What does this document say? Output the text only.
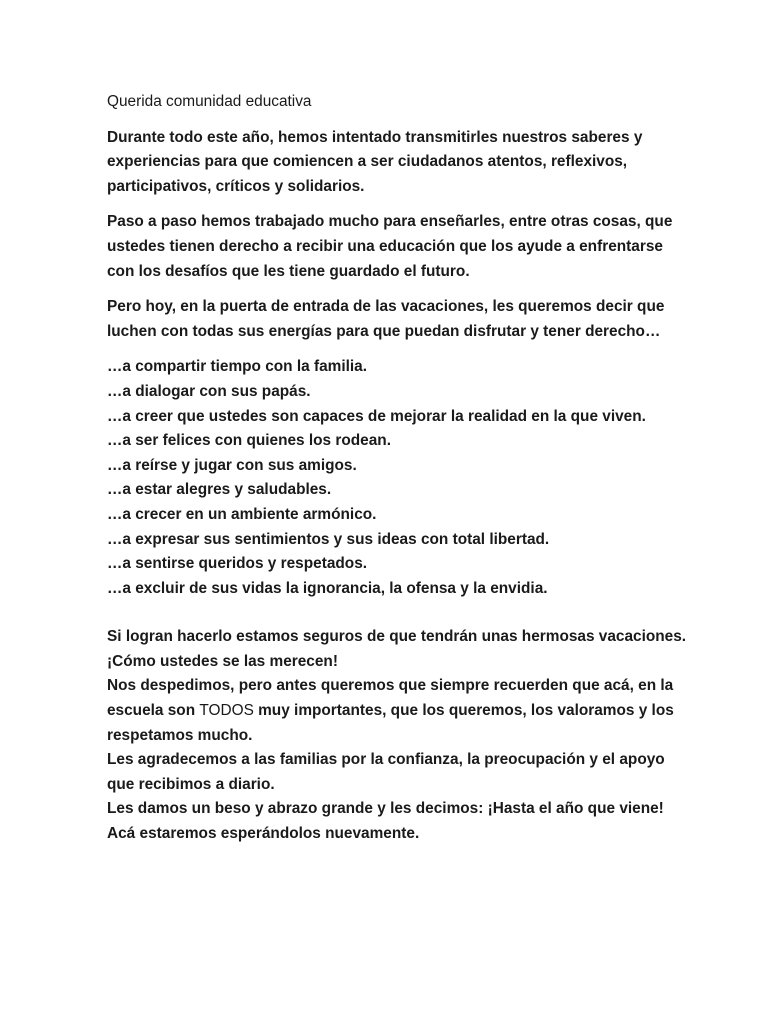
Querida comunidad educativa

Durante todo este año, hemos intentado transmitirles nuestros saberes y
experiencias para que comiencen a ser ciudadanos atentos, reflexivos,
participativos, críticos y solidarios.

Paso a paso hemos trabajado mucho para enseñarles, entre otras cosas, que
ustedes tienen derecho a recibir una educación que los ayude a enfrentarse
con los desafíos que les tiene guardado el futuro.

Pero hoy, en la puerta de entrada de las vacaciones, les queremos decir que
luchen con todas sus energías para que puedan disfrutar y tener derecho…

…a compartir tiempo con la familia.
…a dialogar con sus papás.
…a creer que ustedes son capaces de mejorar la realidad en la que viven.
…a ser felices con quienes los rodean.
…a reírse y jugar con sus amigos.
…a estar alegres y saludables.
…a crecer en un ambiente armónico.
…a expresar sus sentimientos y sus ideas con total libertad.
…a sentirse queridos y respetados.
…a excluir de sus vidas la ignorancia, la ofensa y la envidia.
Si logran hacerlo estamos seguros de que tendrán unas hermosas vacaciones.
¡Cómo ustedes se las merecen!
Nos despedimos, pero antes queremos que siempre recuerden que acá, en la
escuela son TODOS muy importantes, que los queremos, los valoramos y los
respetamos mucho.
Les agradecemos a las familias por la confianza, la preocupación y el apoyo
que recibimos a diario.
Les damos un beso y abrazo grande y les decimos: ¡Hasta el año que viene!
Acá estaremos esperándolos nuevamente.
